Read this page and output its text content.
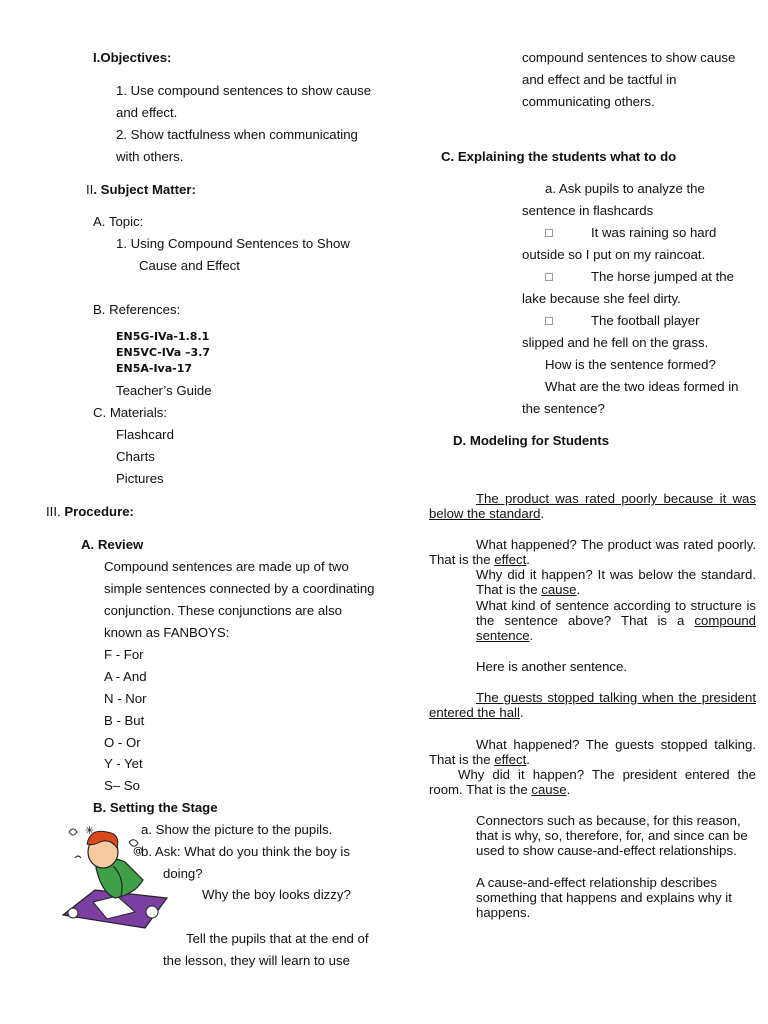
I.Objectives:
1. Use compound sentences to show cause
and effect.
2. Show tactfulness when communicating
with others.
II. Subject Matter:
A. Topic:
1. Using Compound Sentences to Show
Cause and Effect
B. References:
EN5G-IVa-1.8.1
EN5VC-IVa –3.7
EN5A-Iva-17
Teacher’s Guide
C. Materials:
Flashcard
Charts
Pictures
III. Procedure:
A. Review
Compound sentences are made up of two
simple sentences connected by a coordinating
conjunction. These conjunctions are also
known as FANBOYS:
F - For
A - And
N - Nor
B - But
O - Or
Y - Yet
S– So
B. Setting the Stage
a. Show the picture to the pupils.
b. Ask: What do you think the boy is
doing?
Why the boy looks dizzy?
Tell the pupils that at the end of
the lesson, they will learn to use
✳
@
compound sentences to show cause
and effect and be tactful in
communicating others.
C. Explaining the students what to do
a. Ask pupils to analyze the
sentence in flashcards
It was raining so hard
outside so I put on my raincoat.
The horse jumped at the
lake because she feel dirty.
The football player
slipped and he fell on the grass.
How is the sentence formed?
What are the two ideas formed in
the sentence?
D. Modeling for Students
The product was rated poorly because it was below the standard.
What happened? The product was rated poorly. That is the effect.
Why did it happen? It was below the standard. That is the cause.
What kind of sentence according to structure is the sentence above? That is a compound sentence.
Here is another sentence.
The guests stopped talking when the president entered the hall.
What happened? The guests stopped talking. That is the effect.
Why did it happen? The president entered the room. That is the cause.
Connectors such as because, for this reason, that is why, so, therefore, for, and since can be used to show cause-and-effect relationships.
A cause-and-effect relationship describes something that happens and explains why it happens.
